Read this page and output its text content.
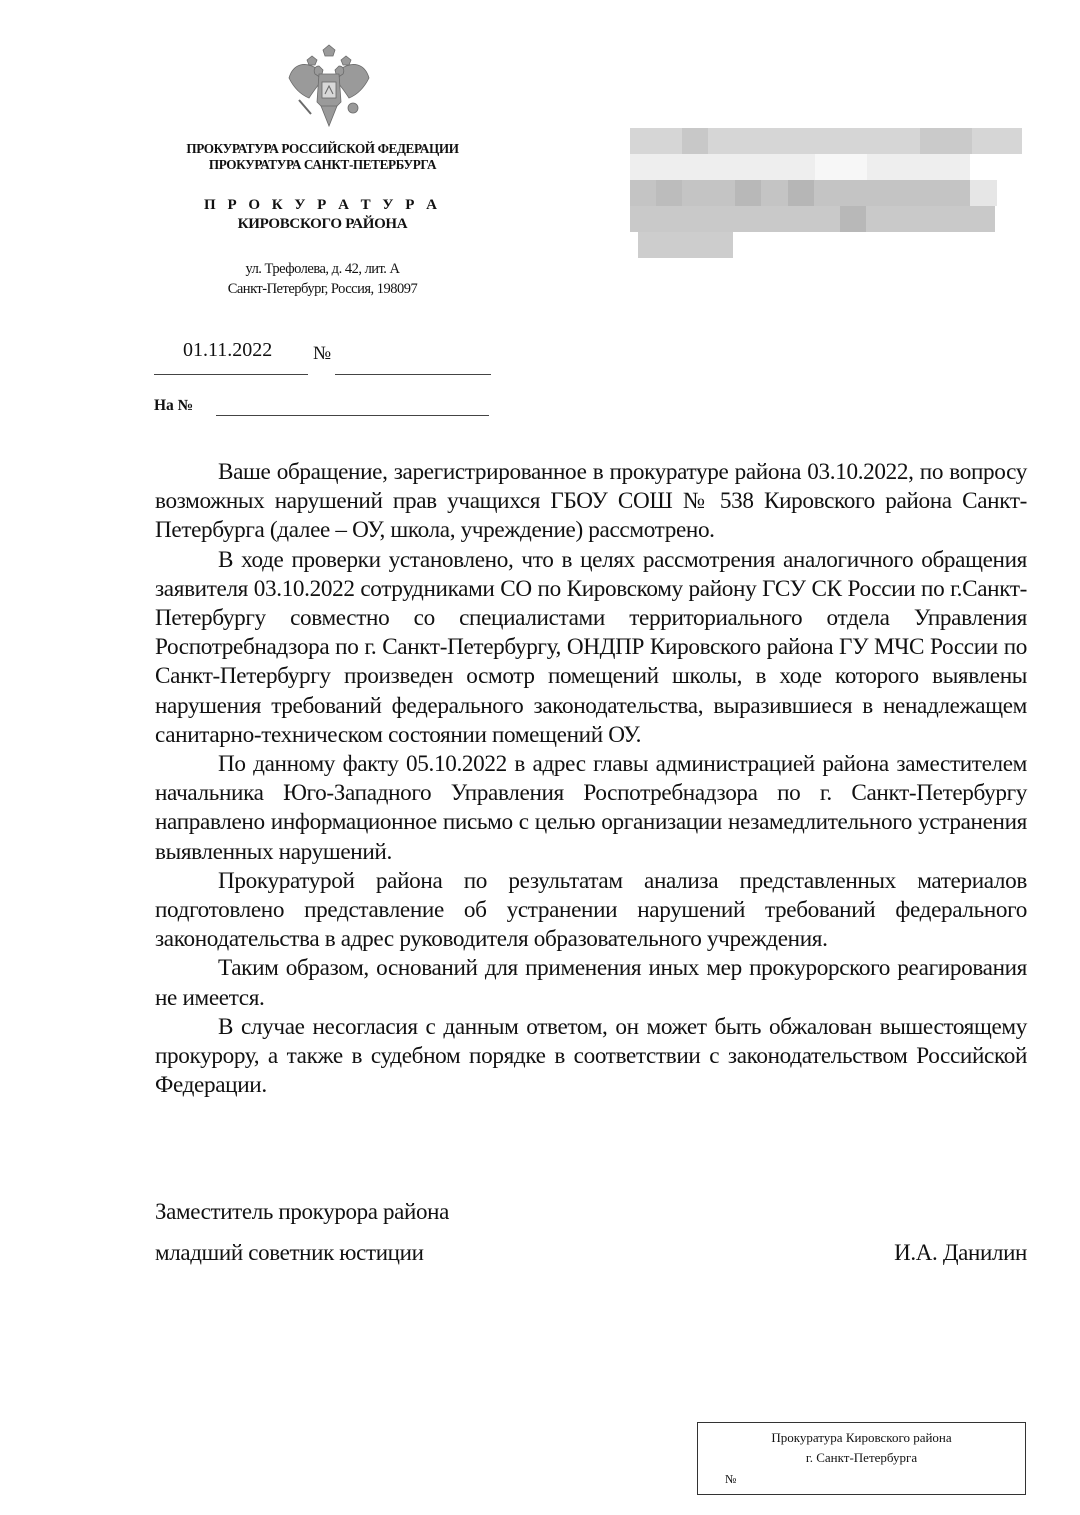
ПРОКУРАТУРА РОССИЙСКОЙ ФЕДЕРАЦИИ
ПРОКУРАТУРА САНКТ-ПЕТЕРБУРГА
П Р О К У Р А Т У Р А
КИРОВСКОГО РАЙОНА
ул. Трефолева, д. 42, лит. А
Санкт-Петербург, Россия, 198097
01.11.2022 №
На №

Ваше обращение, зарегистрированное в прокуратуре района 03.10.2022, по вопросу возможных нарушений прав учащихся ГБОУ СОШ № 538 Кировского района Санкт-Петербурга (далее – ОУ, школа, учреждение) рассмотрено.

В ходе проверки установлено, что в целях рассмотрения аналогичного обращения заявителя 03.10.2022 сотрудниками СО по Кировскому району ГСУ СК России по г.Санкт-Петербургу совместно со специалистами территориального отдела Управления Роспотребнадзора по г. Санкт-Петербургу, ОНДПР Кировского района ГУ МЧС России по Санкт-Петербургу произведен осмотр помещений школы, в ходе которого выявлены нарушения требований федерального законодательства, выразившиеся в ненадлежащем санитарно-техническом состоянии помещений ОУ.

По данному факту 05.10.2022 в адрес главы администрацией района заместителем начальника Юго-Западного Управления Роспотребнадзора по г. Санкт-Петербургу направлено информационное письмо с целью организации незамедлительного устранения выявленных нарушений.

Прокуратурой района по результатам анализа представленных материалов подготовлено представление об устранении нарушений требований федерального законодательства в адрес руководителя образовательного учреждения.

Таким образом, оснований для применения иных мер прокурорского реагирования не имеется.

В случае несогласия с данным ответом, он может быть обжалован вышестоящему прокурору, а также в судебном порядке в соответствии с законодательством Российской Федерации.

Заместитель прокурора района
младший советник юстиции	И.А. Данилин
Прокуратура Кировского района
г. Санкт-Петербурга
№
